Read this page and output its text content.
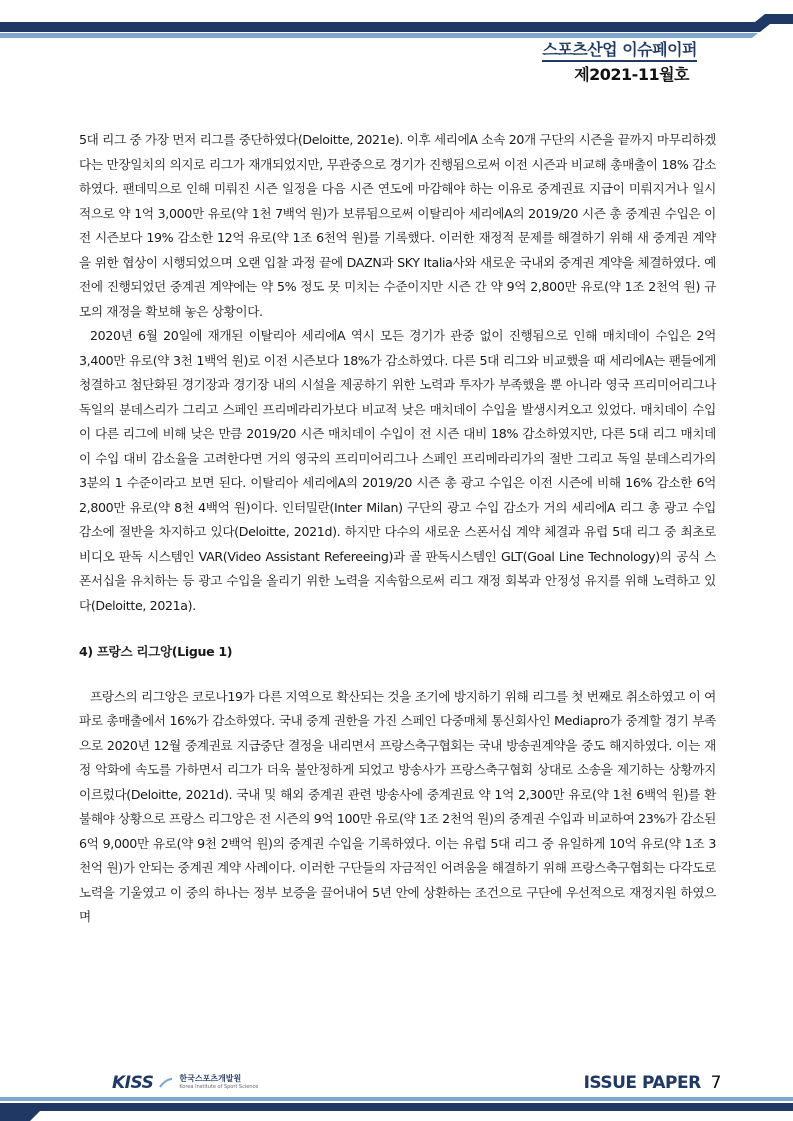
스포츠산업 이슈페이퍼
제2021-11월호

5대 리그 중 가장 먼저 리그를 중단하였다(Deloitte, 2021e). 이후 세리에A 소속 20개 구단의 시즌을 끝까지 마무리하겠다는 만장일치의 의지로 리그가 재개되었지만, 무관중으로 경기가 진행됨으로써 이전 시즌과 비교해 총매출이 18% 감소하였다. 팬데믹으로 인해 미뤄진 시즌 일정을 다음 시즌 연도에 마감해야 하는 이유로 중계권료 지급이 미뤄지거나 일시적으로 약 1억 3,000만 유로(약 1천 7백억 원)가 보류됨으로써 이탈리아 세리에A의 2019/20 시즌 총 중계권 수입은 이전 시즌보다 19% 감소한 12억 유로(약 1조 6천억 원)를 기록했다. 이러한 재정적 문제를 해결하기 위해 새 중계권 계약을 위한 협상이 시행되었으며 오랜 입찰 과정 끝에 DAZN과 SKY Italia사와 새로운 국내외 중계권 계약을 체결하였다. 예전에 진행되었던 중계권 계약에는 약 5% 정도 못 미치는 수준이지만 시즌 간 약 9억 2,800만 유로(약 1조 2천억 원) 규모의 재정을 확보해 놓은 상황이다.

2020년 6월 20일에 재개된 이탈리아 세리에A 역시 모든 경기가 관중 없이 진행됨으로 인해 매치데이 수입은 2억 3,400만 유로(약 3천 1백억 원)로 이전 시즌보다 18%가 감소하였다. 다른 5대 리그와 비교했을 때 세리에A는 팬들에게 청결하고 첨단화된 경기장과 경기장 내의 시설을 제공하기 위한 노력과 투자가 부족했을 뿐 아니라 영국 프리미어리그나 독일의 분데스리가 그리고 스페인 프리메라리가보다 비교적 낮은 매치데이 수입을 발생시켜오고 있었다. 매치데이 수입이 다른 리그에 비해 낮은 만큼 2019/20 시즌 매치데이 수입이 전 시즌 대비 18% 감소하였지만, 다른 5대 리그 매치데이 수입 대비 감소율을 고려한다면 거의 영국의 프리미어리그나 스페인 프리메라리가의 절반 그리고 독일 분데스리가의 3분의 1 수준이라고 보면 된다. 이탈리아 세리에A의 2019/20 시즌 총 광고 수입은 이전 시즌에 비해 16% 감소한 6억 2,800만 유로(약 8천 4백억 원)이다. 인터밀란(Inter Milan) 구단의 광고 수입 감소가 거의 세리에A 리그 총 광고 수입 감소에 절반을 차지하고 있다(Deloitte, 2021d). 하지만 다수의 새로운 스폰서십 계약 체결과 유럽 5대 리그 중 최초로 비디오 판독 시스템인 VAR(Video Assistant Refereeing)과 골 판독시스템인 GLT(Goal Line Technology)의 공식 스폰서십을 유치하는 등 광고 수입을 올리기 위한 노력을 지속함으로써 리그 재정 회복과 안정성 유지를 위해 노력하고 있다(Deloitte, 2021a).

4) 프랑스 리그앙(Ligue 1)

프랑스의 리그앙은 코로나19가 다른 지역으로 확산되는 것을 조기에 방지하기 위해 리그를 첫 번째로 취소하였고 이 여파로 총매출에서 16%가 감소하였다. 국내 중계 권한을 가진 스페인 다중매체 통신회사인 Mediapro가 중계할 경기 부족으로 2020년 12월 중계권료 지급중단 결정을 내리면서 프랑스축구협회는 국내 방송권계약을 중도 해지하였다. 이는 재정 악화에 속도를 가하면서 리그가 더욱 불안정하게 되었고 방송사가 프랑스축구협회 상대로 소송을 제기하는 상황까지 이르렀다(Deloitte, 2021d). 국내 및 해외 중계권 관련 방송사에 중계권료 약 1억 2,300만 유로(약 1천 6백억 원)를 환불해야 상황으로 프랑스 리그앙은 전 시즌의 9억 100만 유로(약 1조 2천억 원)의 중계권 수입과 비교하여 23%가 감소된 6억 9,000만 유로(약 9천 2백억 원)의 중계권 수입을 기록하였다. 이는 유럽 5대 리그 중 유일하게 10억 유로(약 1조 3천억 원)가 안되는 중계권 계약 사례이다. 이러한 구단들의 자금적인 어려움을 해결하기 위해 프랑스축구협회는 다각도로 노력을 기울였고 이 중의 하나는 정부 보증을 끌어내어 5년 안에 상환하는 조건으로 구단에 우선적으로 재정지원 하였으며

KISS	한국스포츠개발원
Korea Institute of Sport Science	ISSUE PAPER 7
